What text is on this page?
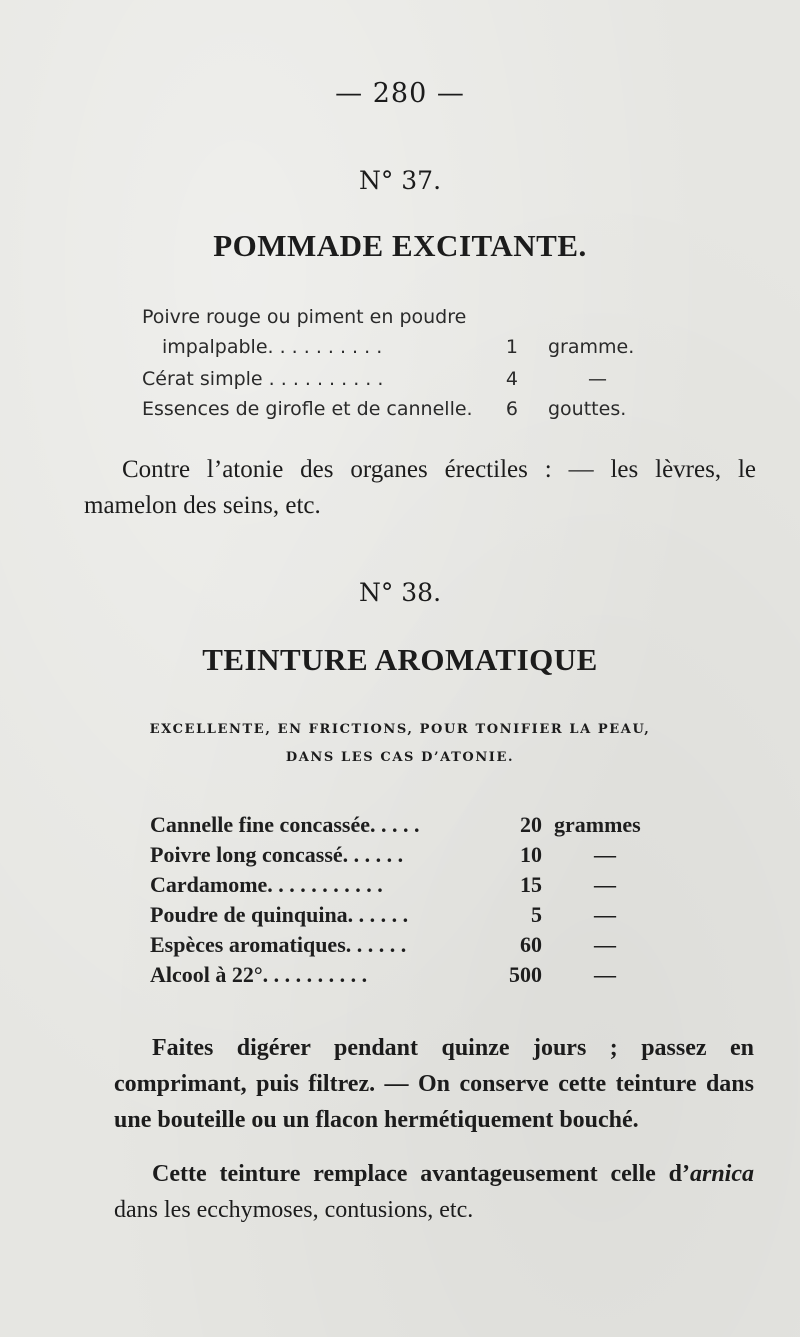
— 280 —

N° 37.

POMMADE EXCITANTE.
Poivre rouge ou piment en poudre
impalpable. . . . . . . . . .	1 gramme.
Cérat simple . . . . . . . . . .	4	—
Essences de girofle et de cannelle.	6 gouttes.

Contre l’atonie des organes érectiles : — les lèvres, le mamelon des seins, etc.

N° 38.

TEINTURE AROMATIQUE

EXCELLENTE, EN FRICTIONS, POUR TONIFIER LA PEAU,
DANS LES CAS D’ATONIE.

Cannelle fine concassée. . . . .	20 grammes
Poivre long concassé. . . . . .	10 —
Cardamome. . . . . . . . . . .	15 —
Poudre de quinquina. . . . . .	5 —
Espèces aromatiques. . . . . .	60 —
Alcool à 22°. . . . . . . . . .	500 —

Faites digérer pendant quinze jours ; passez en comprimant, puis filtrez. — On conserve cette teinture dans une bouteille ou un flacon hermétiquement bouché.

Cette teinture remplace avantageusement celle d’arnica dans les ecchymoses, contusions, etc.
